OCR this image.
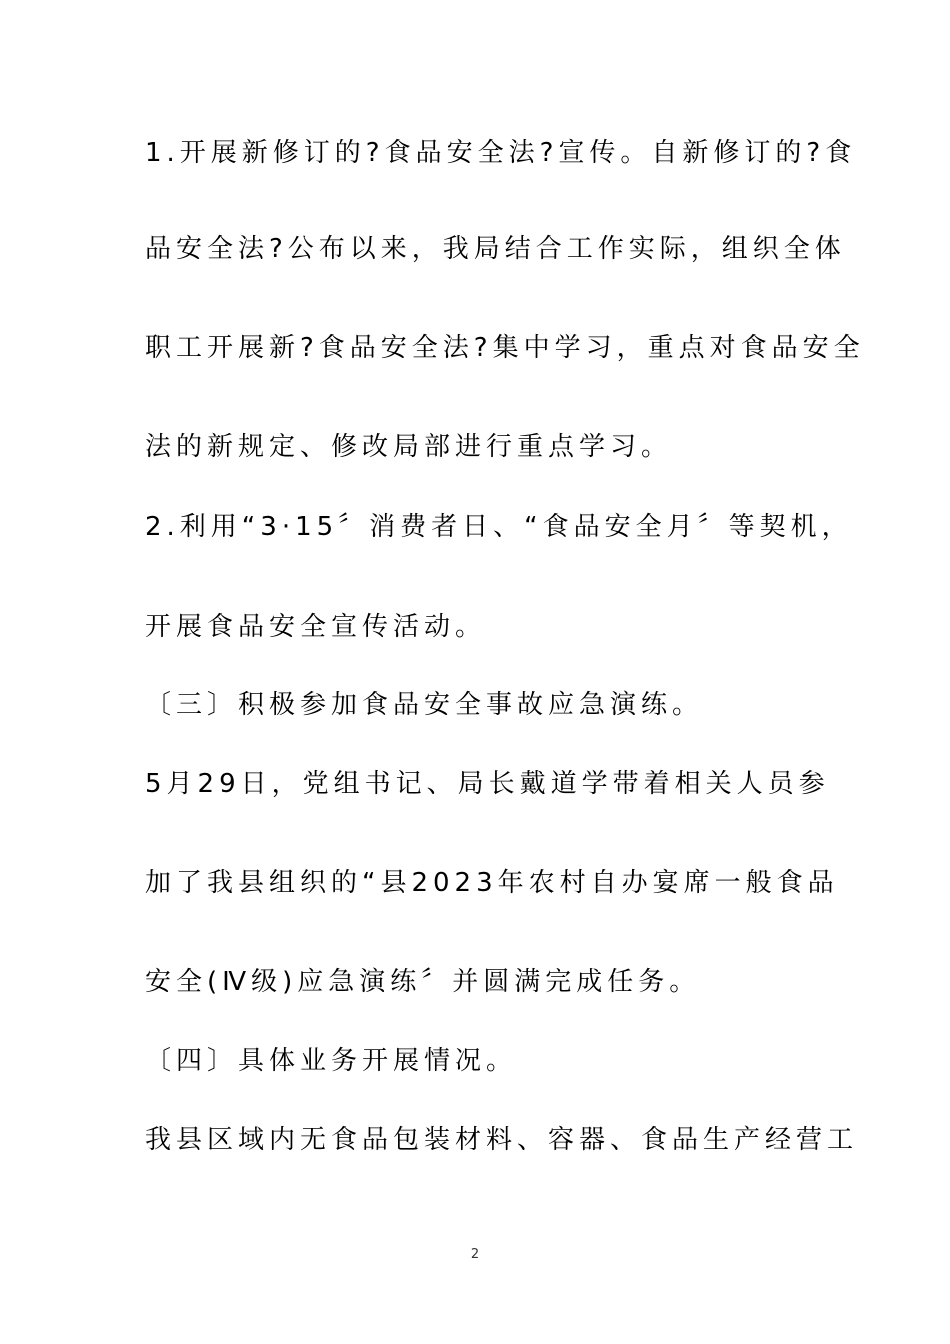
1.开展新修订的?食品安全法?宣传。自新修订的?食
品安全法?公布以来，我局结合工作实际，组织全体
职工开展新?食品安全法?集中学习，重点对食品安全
法的新规定、修改局部进行重点学习。
2.利用“3·15〞消费者日、“食品安全月〞等契机，
开展食品安全宣传活动。
〔三〕积极参加食品安全事故应急演练。
5月29日，党组书记、局长戴道学带着相关人员参
加了我县组织的“县2023年农村自办宴席一般食品
安全(Ⅳ级)应急演练〞并圆满完成任务。
〔四〕具体业务开展情况。
我县区域内无食品包装材料、容器、食品生产经营工
2
